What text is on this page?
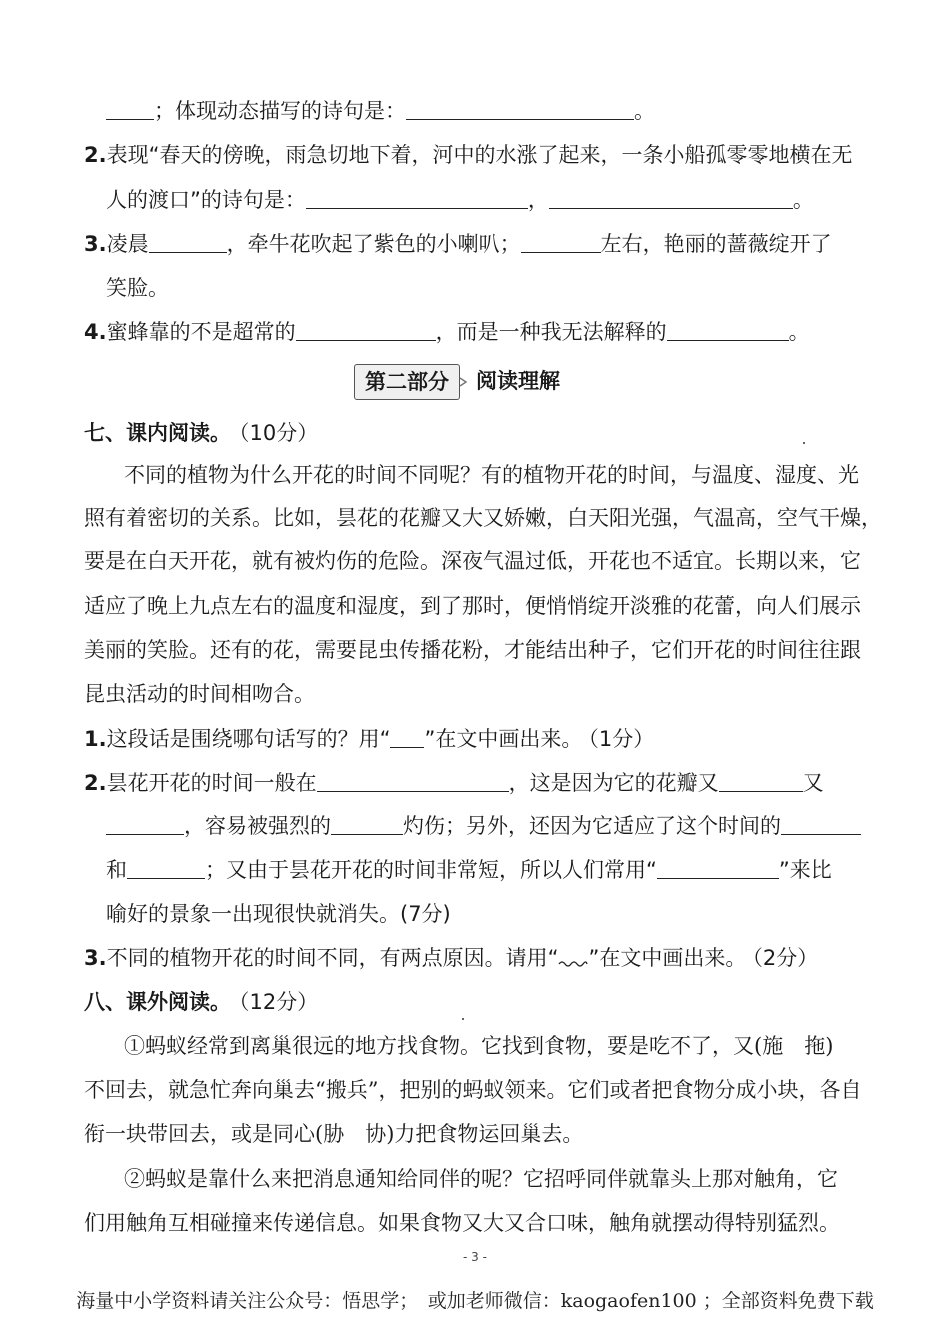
；体现动态描写的诗句是：	。
2.表现“春天的傍晚，雨急切地下着，河中的水涨了起来，一条小船孤零零地横在无
人的渡口”的诗句是：	，	。
3.凌晨	，牵牛花吹起了紫色的小喇叭；	左右，艳丽的蔷薇绽开了
笑脸。
4.蜜蜂靠的不是超常的	，而是一种我无法解释的	。
第二部分	阅读理解
七、课内阅读。 （10分）
不同的植物为什么开花的时间不同呢？有的植物开花的时间，与温度、湿度、光
照有着密切的关系。比如，昙花的花瓣又大又娇嫩，白天阳光强，气温高，空气干燥，
要是在白天开花，就有被灼伤的危险。深夜气温过低，开花也不适宜。长期以来，它
适应了晚上九点左右的温度和湿度，到了那时，便悄悄绽开淡雅的花蕾，向人们展示
美丽的笑脸。还有的花，需要昆虫传播花粉，才能结出种子，它们开花的时间往往跟
昆虫活动的时间相吻合。
1.这段话是围绕哪句话写的？用“ ”在文中画出来。 （1分）
2.昙花开花的时间一般在	，这是因为它的花瓣又	又
，容易被强烈的	灼伤；另外，还因为它适应了这个时间的
和	；又由于昙花开花的时间非常短，所以人们常用“	”来比
喻好的景象一出现很快就消失。(7分)
3.不同的植物开花的时间不同，有两点原因。请用“ ”在文中画出来。 （2分）
八、课外阅读。 （12分）
①蚂蚁经常到离巢很远的地方找食物。它找到食物，要是吃不了，又(施　拖)
不回去，就急忙奔向巢去“搬兵”，把别的蚂蚁领来。它们或者把食物分成小块，各自
衔一块带回去，或是同心(胁　协)力把食物运回巢去。
②蚂蚁是靠什么来把消息通知给同伴的呢？它招呼同伴就靠头上那对触角，它
们用触角互相碰撞来传递信息。如果食物又大又合口味，触角就摆动得特别猛烈。
- 3 -
海量中小学资料请关注公众号：悟思学；　或加老师微信：kaogaofen100 ；全部资料免费下载
